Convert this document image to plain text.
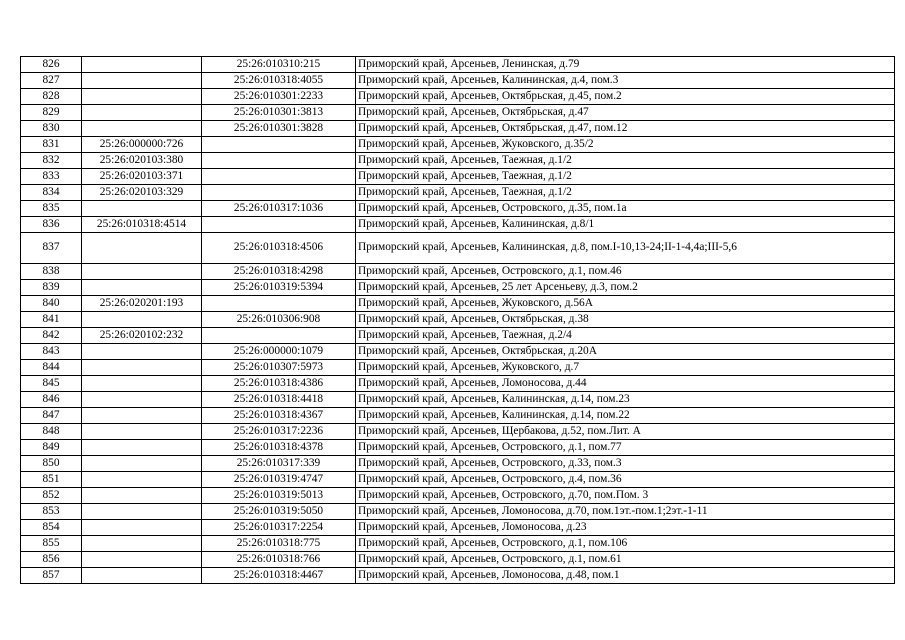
826		25:26:010310:215	Приморский край, Арсеньев, Ленинская, д.79
827		25:26:010318:4055	Приморский край, Арсеньев, Калининская, д.4, пом.3
828		25:26:010301:2233	Приморский край, Арсеньев, Октябрьская, д.45, пом.2
829		25:26:010301:3813	Приморский край, Арсеньев, Октябрьская, д.47
830		25:26:010301:3828	Приморский край, Арсеньев, Октябрьская, д.47, пом.12
831	25:26:000000:726		Приморский край, Арсеньев, Жуковского, д.35/2
832	25:26:020103:380		Приморский край, Арсеньев, Таежная, д.1/2
833	25:26:020103:371		Приморский край, Арсеньев, Таежная, д.1/2
834	25:26:020103:329		Приморский край, Арсеньев, Таежная, д.1/2
835		25:26:010317:1036	Приморский край, Арсеньев, Островского, д.35, пом.1а
836	25:26:010318:4514		Приморский край, Арсеньев, Калининская, д.8/1
837		25:26:010318:4506	Приморский край, Арсеньев, Калининская, д.8, пом.I-10,13-24;II-1-4,4а;III-5,6
838		25:26:010318:4298	Приморский край, Арсеньев, Островского, д.1, пом.46
839		25:26:010319:5394	Приморский край, Арсеньев, 25 лет Арсеньеву, д.3, пом.2
840	25:26:020201:193		Приморский край, Арсеньев, Жуковского, д.56А
841		25:26:010306:908	Приморский край, Арсеньев, Октябрьская, д.38
842	25:26:020102:232		Приморский край, Арсеньев, Таежная, д.2/4
843		25:26:000000:1079	Приморский край, Арсеньев, Октябрьская, д.20А
844		25:26:010307:5973	Приморский край, Арсеньев, Жуковского, д.7
845		25:26:010318:4386	Приморский край, Арсеньев, Ломоносова, д.44
846		25:26:010318:4418	Приморский край, Арсеньев, Калининская, д.14, пом.23
847		25:26:010318:4367	Приморский край, Арсеньев, Калининская, д.14, пом.22
848		25:26:010317:2236	Приморский край, Арсеньев, Щербакова, д.52, пом.Лит. А
849		25:26:010318:4378	Приморский край, Арсеньев, Островского, д.1, пом.77
850		25:26:010317:339	Приморский край, Арсеньев, Островского, д.33, пом.3
851		25:26:010319:4747	Приморский край, Арсеньев, Островского, д.4, пом.36
852		25:26:010319:5013	Приморский край, Арсеньев, Островского, д.70, пом.Пом. 3
853		25:26:010319:5050	Приморский край, Арсеньев, Ломоносова, д.70, пом.1эт.-пом.1;2эт.-1-11
854		25:26:010317:2254	Приморский край, Арсеньев, Ломоносова, д.23
855		25:26:010318:775	Приморский край, Арсеньев, Островского, д.1, пом.106
856		25:26:010318:766	Приморский край, Арсеньев, Островского, д.1, пом.61
857		25:26:010318:4467	Приморский край, Арсеньев, Ломоносова, д.48, пом.1
